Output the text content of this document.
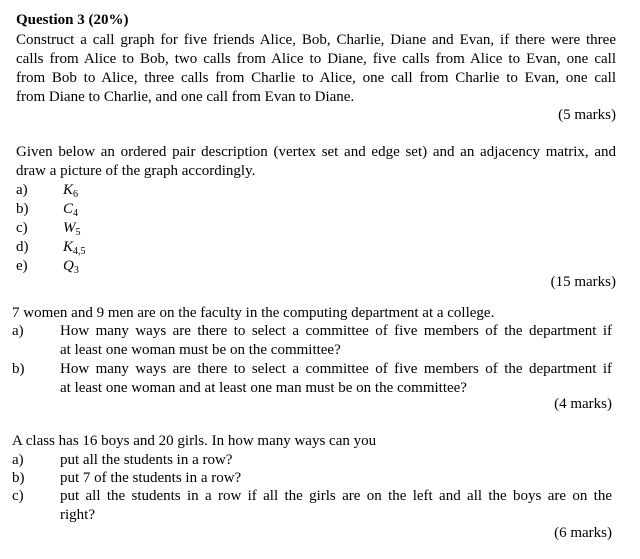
Question 3 (20%)
Construct a call graph for five friends Alice, Bob, Charlie, Diane and Evan, if there were three
calls from Alice to Bob, two calls from Alice to Diane, five calls from Alice to Evan, one call
from Bob to Alice, three calls from Charlie to Alice, one call from Charlie to Evan, one call
from Diane to Charlie, and one call from Evan to Diane.
(5 marks)
Given below an ordered pair description (vertex set and edge set) and an adjacency matrix, and
draw a picture of the graph accordingly.
a) $K_6$
b) $C_4$
c) $W_5$
d) $K_{4,5}$
e) $Q_3$
(15 marks)
7 women and 9 men are on the faculty in the computing department at a college.
a) How many ways are there to select a committee of five members of the department if
at least one woman must be on the committee?
b) How many ways are there to select a committee of five members of the department if
at least one woman and at least one man must be on the committee?
(4 marks)
A class has 16 boys and 20 girls. In how many ways can you
a) put all the students in a row?
b) put 7 of the students in a row?
c) put all the students in a row if all the girls are on the left and all the boys are on the
right?
(6 marks)
